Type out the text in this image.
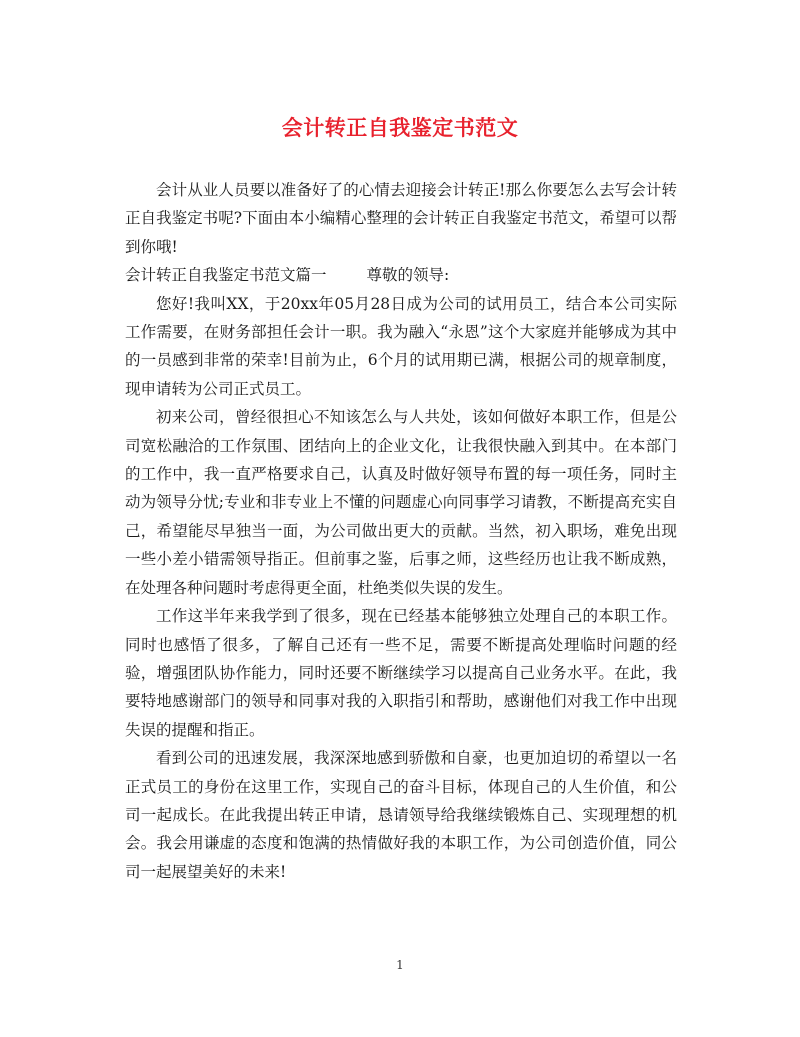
会计转正自我鉴定书范文

会计从业人员要以准备好了的心情去迎接会计转正!那么你要怎么去写会计转正自我鉴定书呢?下面由本小编精心整理的会计转正自我鉴定书范文，希望可以帮到你哦!

会计转正自我鉴定书范文篇一	尊敬的领导:

您好!我叫XX，于20xx年05月28日成为公司的试用员工，结合本公司实际工作需要，在财务部担任会计一职。我为融入“永恩”这个大家庭并能够成为其中的一员感到非常的荣幸!目前为止，6个月的试用期已满，根据公司的规章制度，现申请转为公司正式员工。

初来公司，曾经很担心不知该怎么与人共处，该如何做好本职工作，但是公司宽松融洽的工作氛围、团结向上的企业文化，让我很快融入到其中。在本部门的工作中，我一直严格要求自己，认真及时做好领导布置的每一项任务，同时主动为领导分忧;专业和非专业上不懂的问题虚心向同事学习请教，不断提高充实自己，希望能尽早独当一面，为公司做出更大的贡献。当然，初入职场，难免出现一些小差小错需领导指正。但前事之鉴，后事之师，这些经历也让我不断成熟，在处理各种问题时考虑得更全面，杜绝类似失误的发生。

工作这半年来我学到了很多，现在已经基本能够独立处理自己的本职工作。同时也感悟了很多，了解自己还有一些不足，需要不断提高处理临时问题的经验，增强团队协作能力，同时还要不断继续学习以提高自己业务水平。在此，我要特地感谢部门的领导和同事对我的入职指引和帮助，感谢他们对我工作中出现失误的提醒和指正。

看到公司的迅速发展，我深深地感到骄傲和自豪，也更加迫切的希望以一名正式员工的身份在这里工作，实现自己的奋斗目标，体现自己的人生价值，和公司一起成长。在此我提出转正申请，恳请领导给我继续锻炼自己、实现理想的机会。我会用谦虚的态度和饱满的热情做好我的本职工作，为公司创造价值，同公司一起展望美好的未来!

1
